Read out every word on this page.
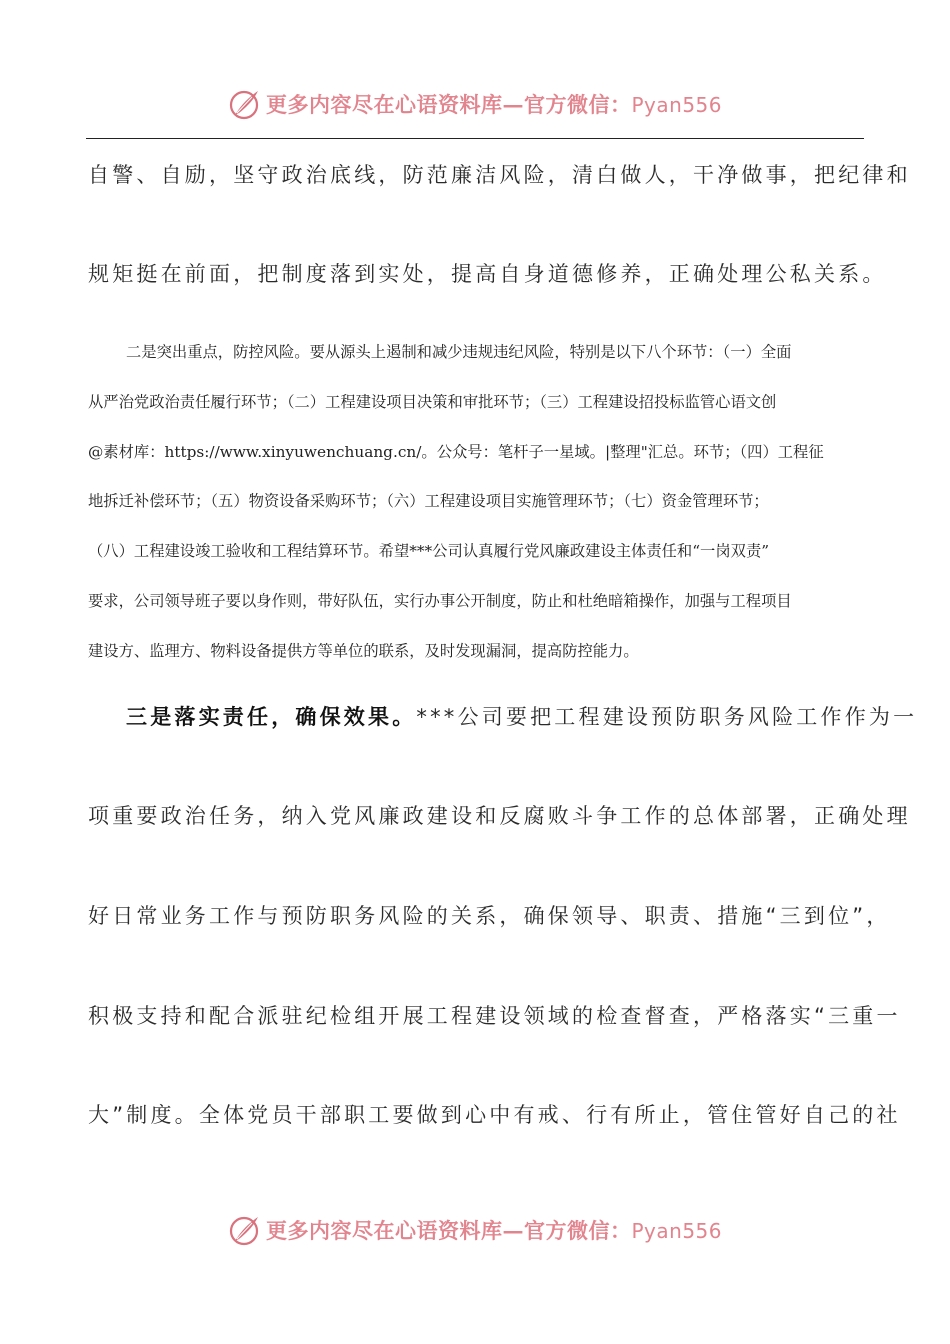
更多内容尽在心语资料库—官方微信：Pyan556
自警、自励，坚守政治底线，防范廉洁风险，清白做人，干净做事，把纪律和
规矩挺在前面，把制度落到实处，提高自身道德修养，正确处理公私关系。
二是突出重点，防控风险。要从源头上遏制和减少违规违纪风险，特别是以下八个环节：（一）全面
从严治党政治责任履行环节；（二）工程建设项目决策和审批环节；（三）工程建设招投标监管心语文创
@素材库：https://www.xinyuwenchuang.cn/。公众号：笔杆子一星域。|整理"汇总。环节；（四）工程征
地拆迁补偿环节；（五）物资设备采购环节；（六）工程建设项目实施管理环节；（七）资金管理环节；
（八）工程建设竣工验收和工程结算环节。希望***公司认真履行党风廉政建设主体责任和“一岗双责”
要求，公司领导班子要以身作则，带好队伍，实行办事公开制度，防止和杜绝暗箱操作，加强与工程项目
建设方、监理方、物料设备提供方等单位的联系，及时发现漏洞，提高防控能力。
三是落实责任，确保效果。***公司要把工程建设预防职务风险工作作为一
项重要政治任务，纳入党风廉政建设和反腐败斗争工作的总体部署，正确处理
好日常业务工作与预防职务风险的关系，确保领导、职责、措施“三到位”，
积极支持和配合派驻纪检组开展工程建设领域的检查督查，严格落实“三重一
大”制度。全体党员干部职工要做到心中有戒、行有所止，管住管好自己的社
更多内容尽在心语资料库—官方微信：Pyan556
